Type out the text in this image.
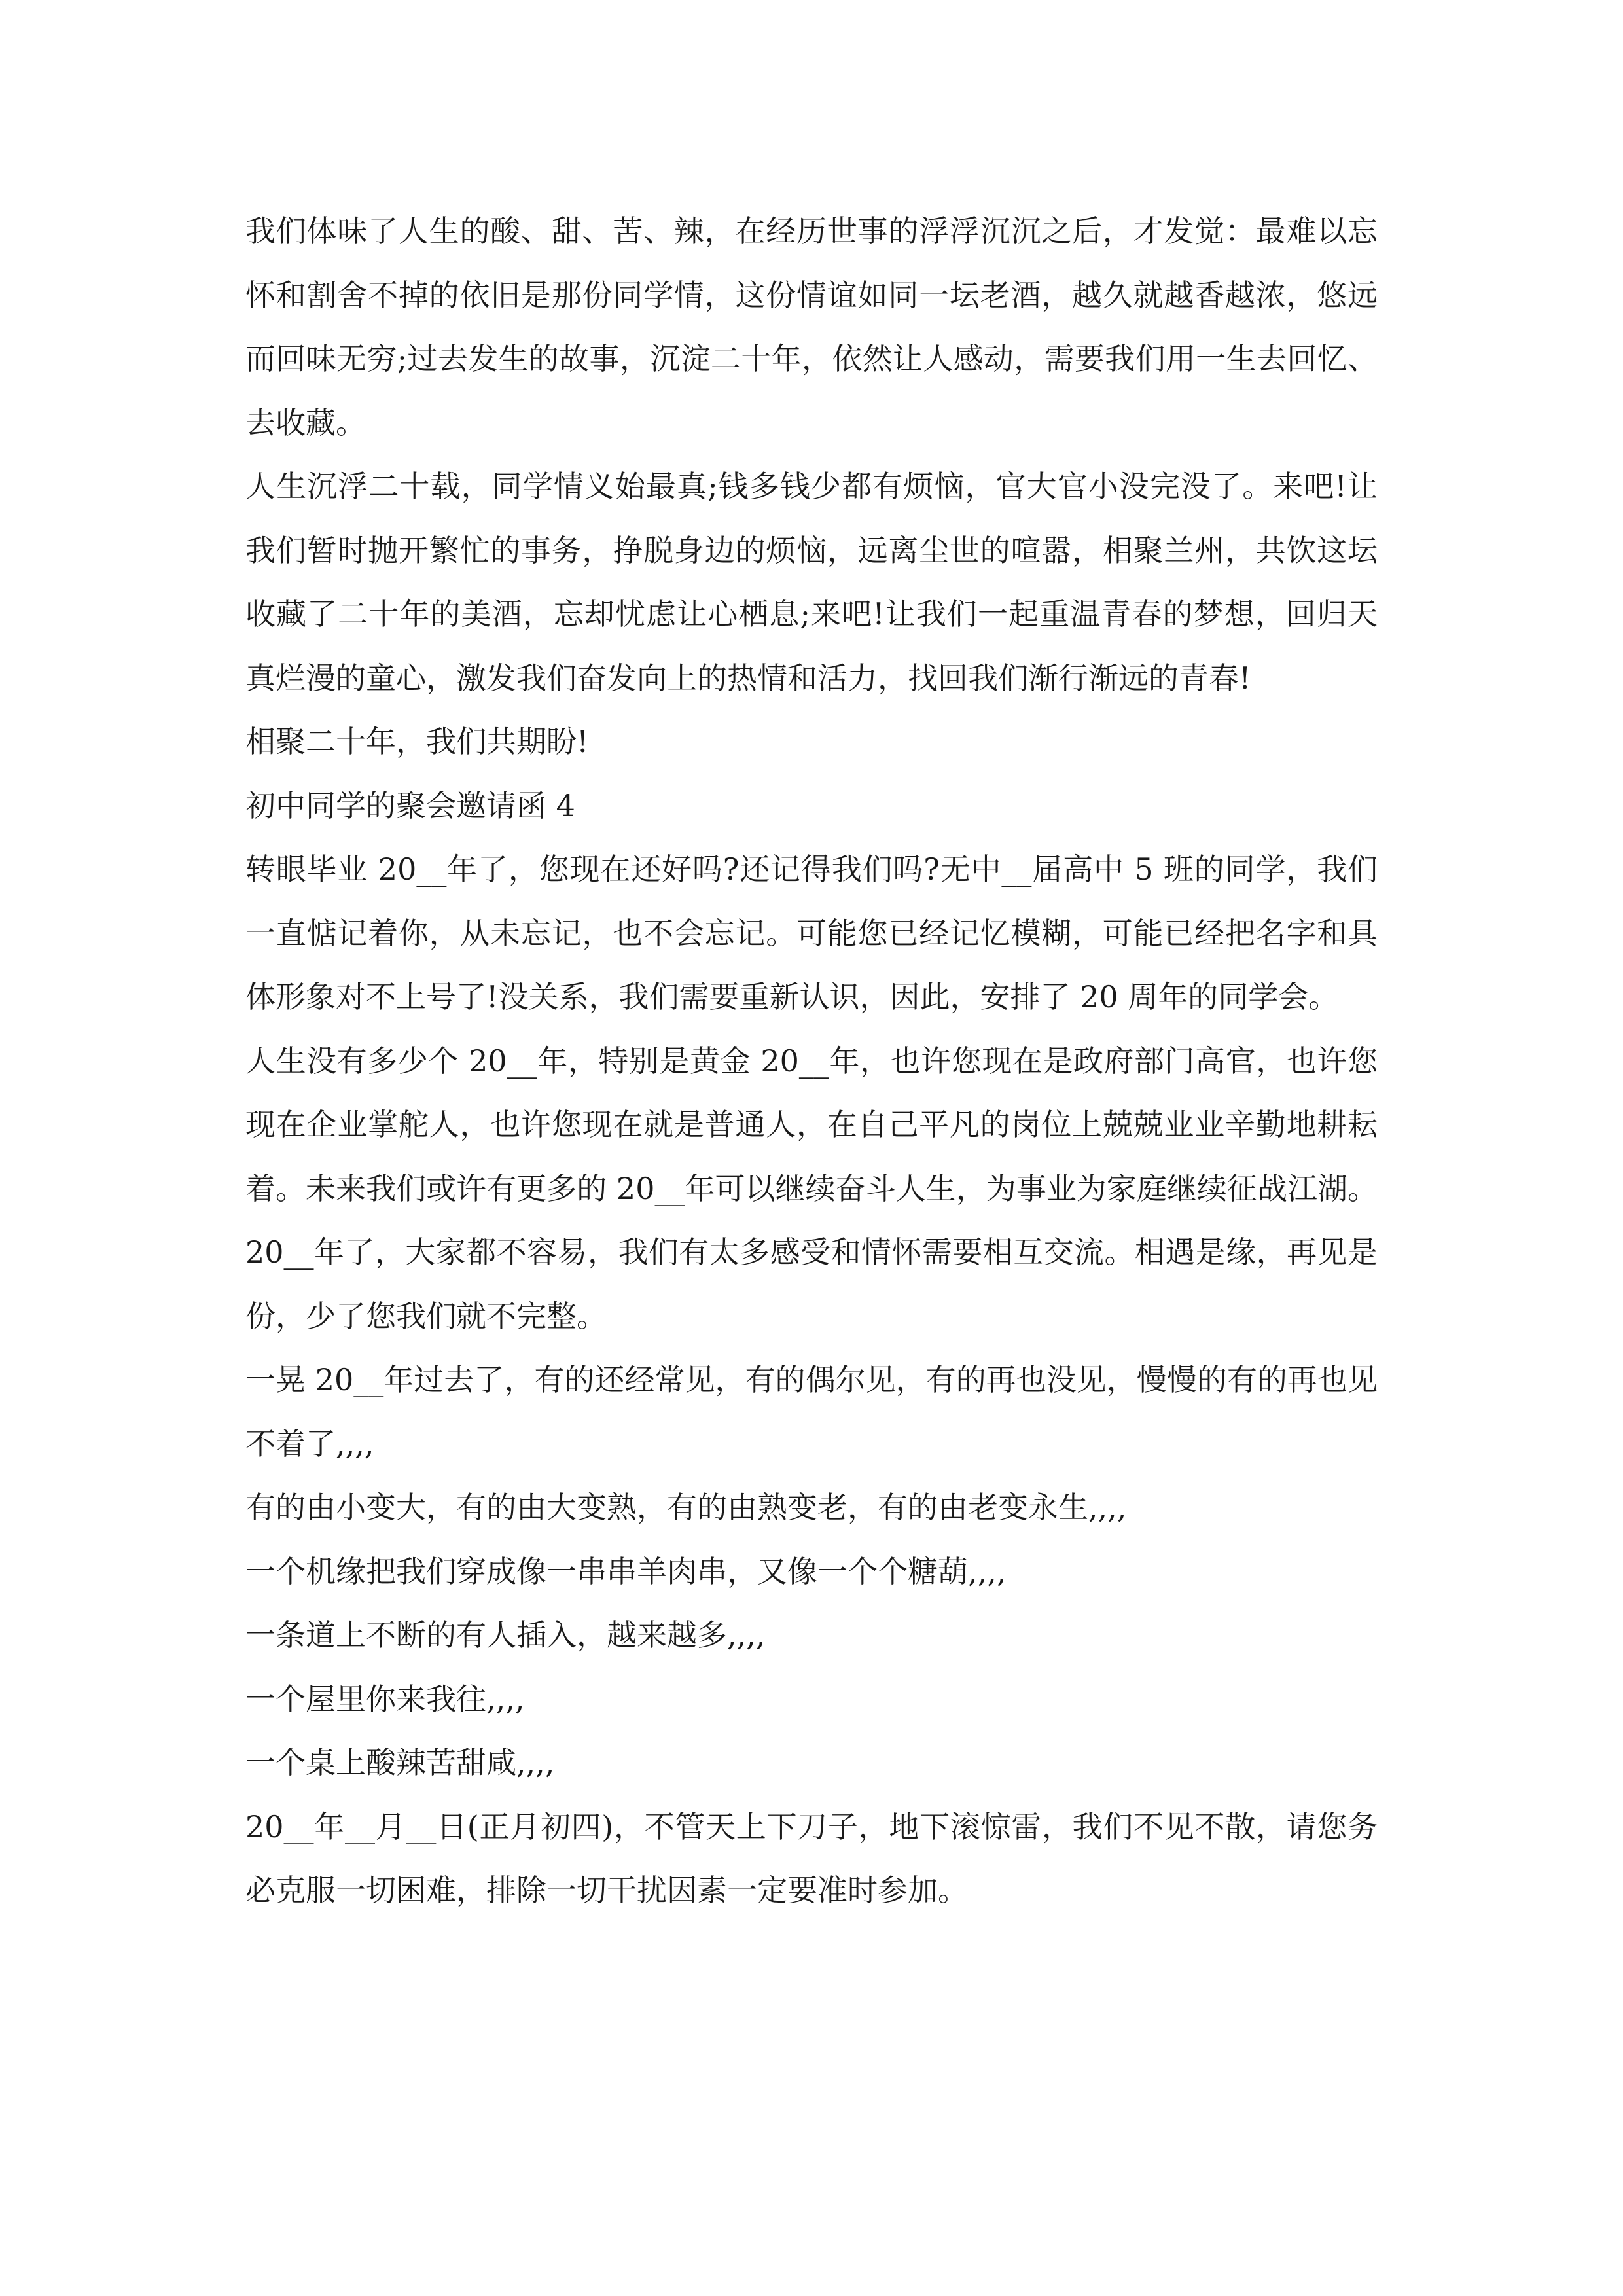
我们体味了人生的酸、甜、苦、辣，在经历世事的浮浮沉沉之后，才发觉：最难以忘怀和割舍不掉的依旧是那份同学情，这份情谊如同一坛老酒，越久就越香越浓，悠远而回味无穷;过去发生的故事，沉淀二十年，依然让人感动，需要我们用一生去回忆、去收藏。

人生沉浮二十载，同学情义始最真;钱多钱少都有烦恼，官大官小没完没了。来吧!让我们暂时抛开繁忙的事务，挣脱身边的烦恼，远离尘世的喧嚣，相聚兰州，共饮这坛收藏了二十年的美酒，忘却忧虑让心栖息;来吧!让我们一起重温青春的梦想，回归天真烂漫的童心，激发我们奋发向上的热情和活力，找回我们渐行渐远的青春!

相聚二十年，我们共期盼!

初中同学的聚会邀请函 4

转眼毕业 20__年了，您现在还好吗?还记得我们吗?无中__届高中 5 班的同学，我们一直惦记着你，从未忘记，也不会忘记。可能您已经记忆模糊，可能已经把名字和具体形象对不上号了!没关系，我们需要重新认识，因此，安排了 20 周年的同学会。

人生没有多少个 20__年，特别是黄金 20__年，也许您现在是政府部门高官，也许您现在企业掌舵人，也许您现在就是普通人，在自己平凡的岗位上兢兢业业辛勤地耕耘着。未来我们或许有更多的 20__年可以继续奋斗人生，为事业为家庭继续征战江湖。20__年了，大家都不容易，我们有太多感受和情怀需要相互交流。相遇是缘，再见是份，少了您我们就不完整。

一晃 20__年过去了，有的还经常见，有的偶尔见，有的再也没见，慢慢的有的再也见不着了,,,,

有的由小变大，有的由大变熟，有的由熟变老，有的由老变永生,,,,

一个机缘把我们穿成像一串串羊肉串，又像一个个糖葫,,,,

一条道上不断的有人插入，越来越多,,,,

一个屋里你来我往,,,,

一个桌上酸辣苦甜咸,,,,

20__年__月__日(正月初四)，不管天上下刀子，地下滚惊雷，我们不见不散，请您务必克服一切困难，排除一切干扰因素一定要准时参加。
